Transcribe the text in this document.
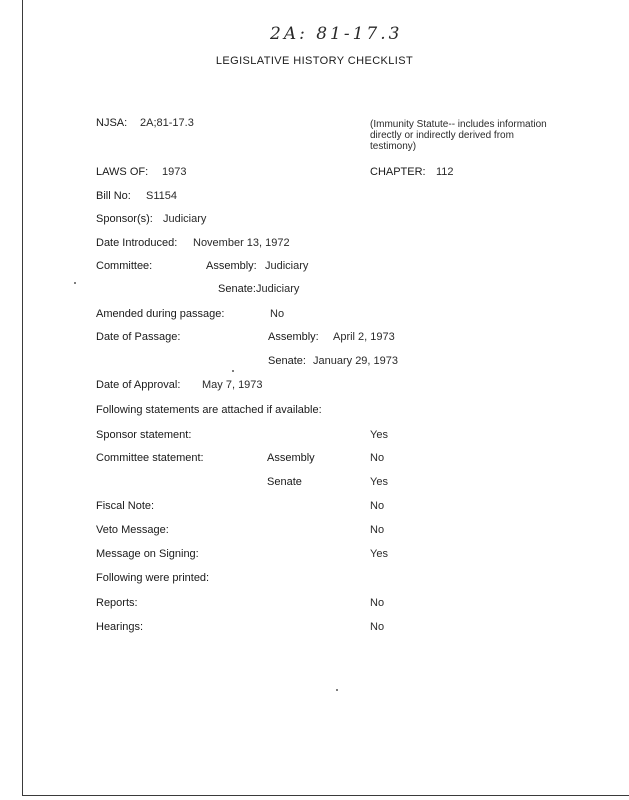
2A: 81-17.3
LEGISLATIVE HISTORY CHECKLIST
NJSA: 2A;81-17.3	(Immunity Statute-- includes information directly or indirectly derived from testimony)
LAWS OF: 1973	CHAPTER: 112
Bill No: S1154
Sponsor(s): Judiciary
Date Introduced: November 13, 1972
Committee:	Assembly: Judiciary
Senate: Judiciary
Amended during passage:	No
Date of Passage:	Assembly: April 2, 1973
Senate: January 29, 1973
Date of Approval: May 7, 1973
Following statements are attached if available:
Sponsor statement:	Yes
Committee statement:	Assembly	No
Senate	Yes
Fiscal Note:	No
Veto Message:	No
Message on Signing:	Yes
Following were printed:
Reports:	No
Hearings:	No
